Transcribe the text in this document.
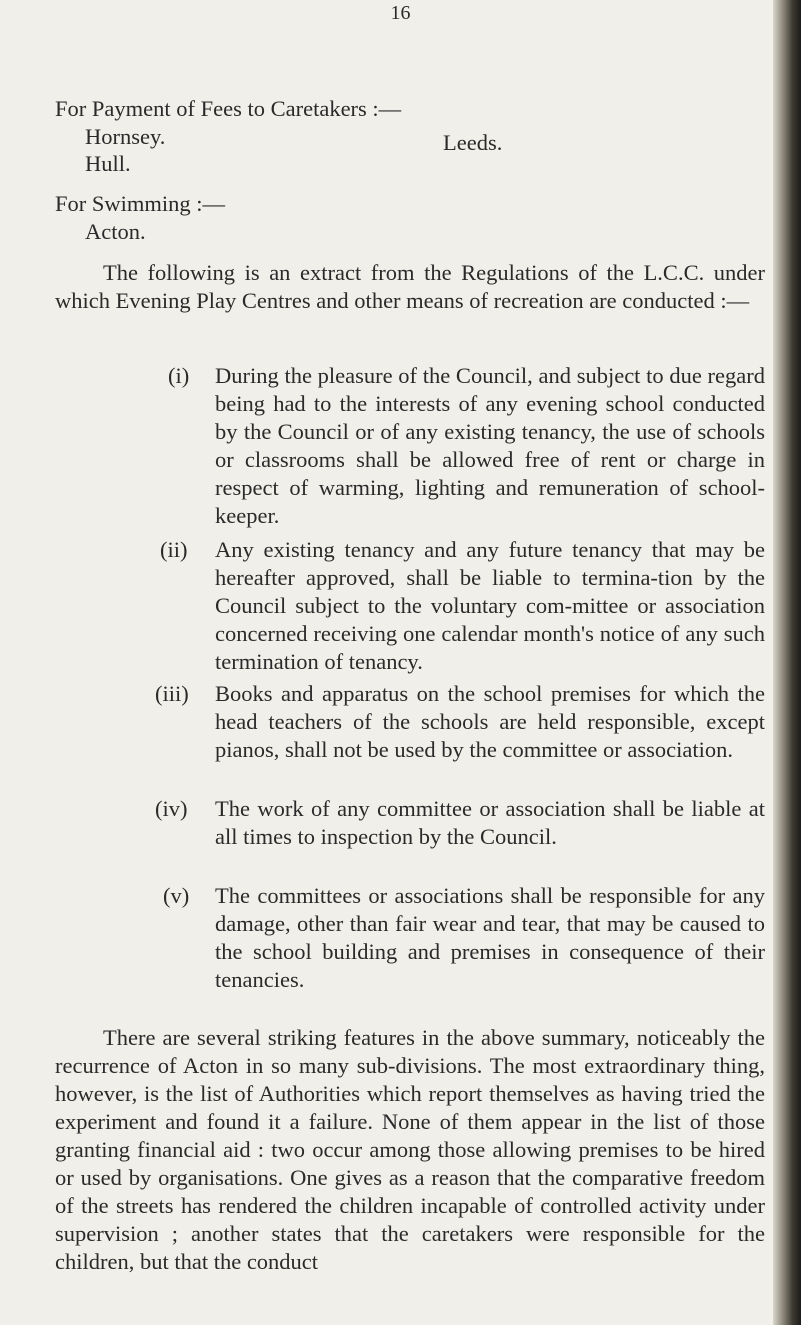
16
For Payment of Fees to Caretakers :—
Hornsey.	Leeds.
Hull.
For Swimming :—
Acton.
The following is an extract from the Regulations of the L.C.C. under which Evening Play Centres and other means of recreation are conducted :—
(i) During the pleasure of the Council, and subject to due regard being had to the interests of any evening school conducted by the Council or of any existing tenancy, the use of schools or classrooms shall be allowed free of rent or charge in respect of warming, lighting and remuneration of school-keeper.
(ii) Any existing tenancy and any future tenancy that may be hereafter approved, shall be liable to termina-tion by the Council subject to the voluntary com-mittee or association concerned receiving one calendar month's notice of any such termination of tenancy.
(iii) Books and apparatus on the school premises for which the head teachers of the schools are held responsible, except pianos, shall not be used by the committee or association.
(iv) The work of any committee or association shall be liable at all times to inspection by the Council.
(v) The committees or associations shall be responsible for any damage, other than fair wear and tear, that may be caused to the school building and premises in consequence of their tenancies.
There are several striking features in the above summary, noticeably the recurrence of Acton in so many sub-divisions. The most extraordinary thing, however, is the list of Authorities which report themselves as having tried the experiment and found it a failure. None of them appear in the list of those granting financial aid : two occur among those allowing premises to be hired or used by organisations. One gives as a reason that the comparative freedom of the streets has rendered the children incapable of controlled activity under supervision ; another states that the caretakers were responsible for the children, but that the conduct
